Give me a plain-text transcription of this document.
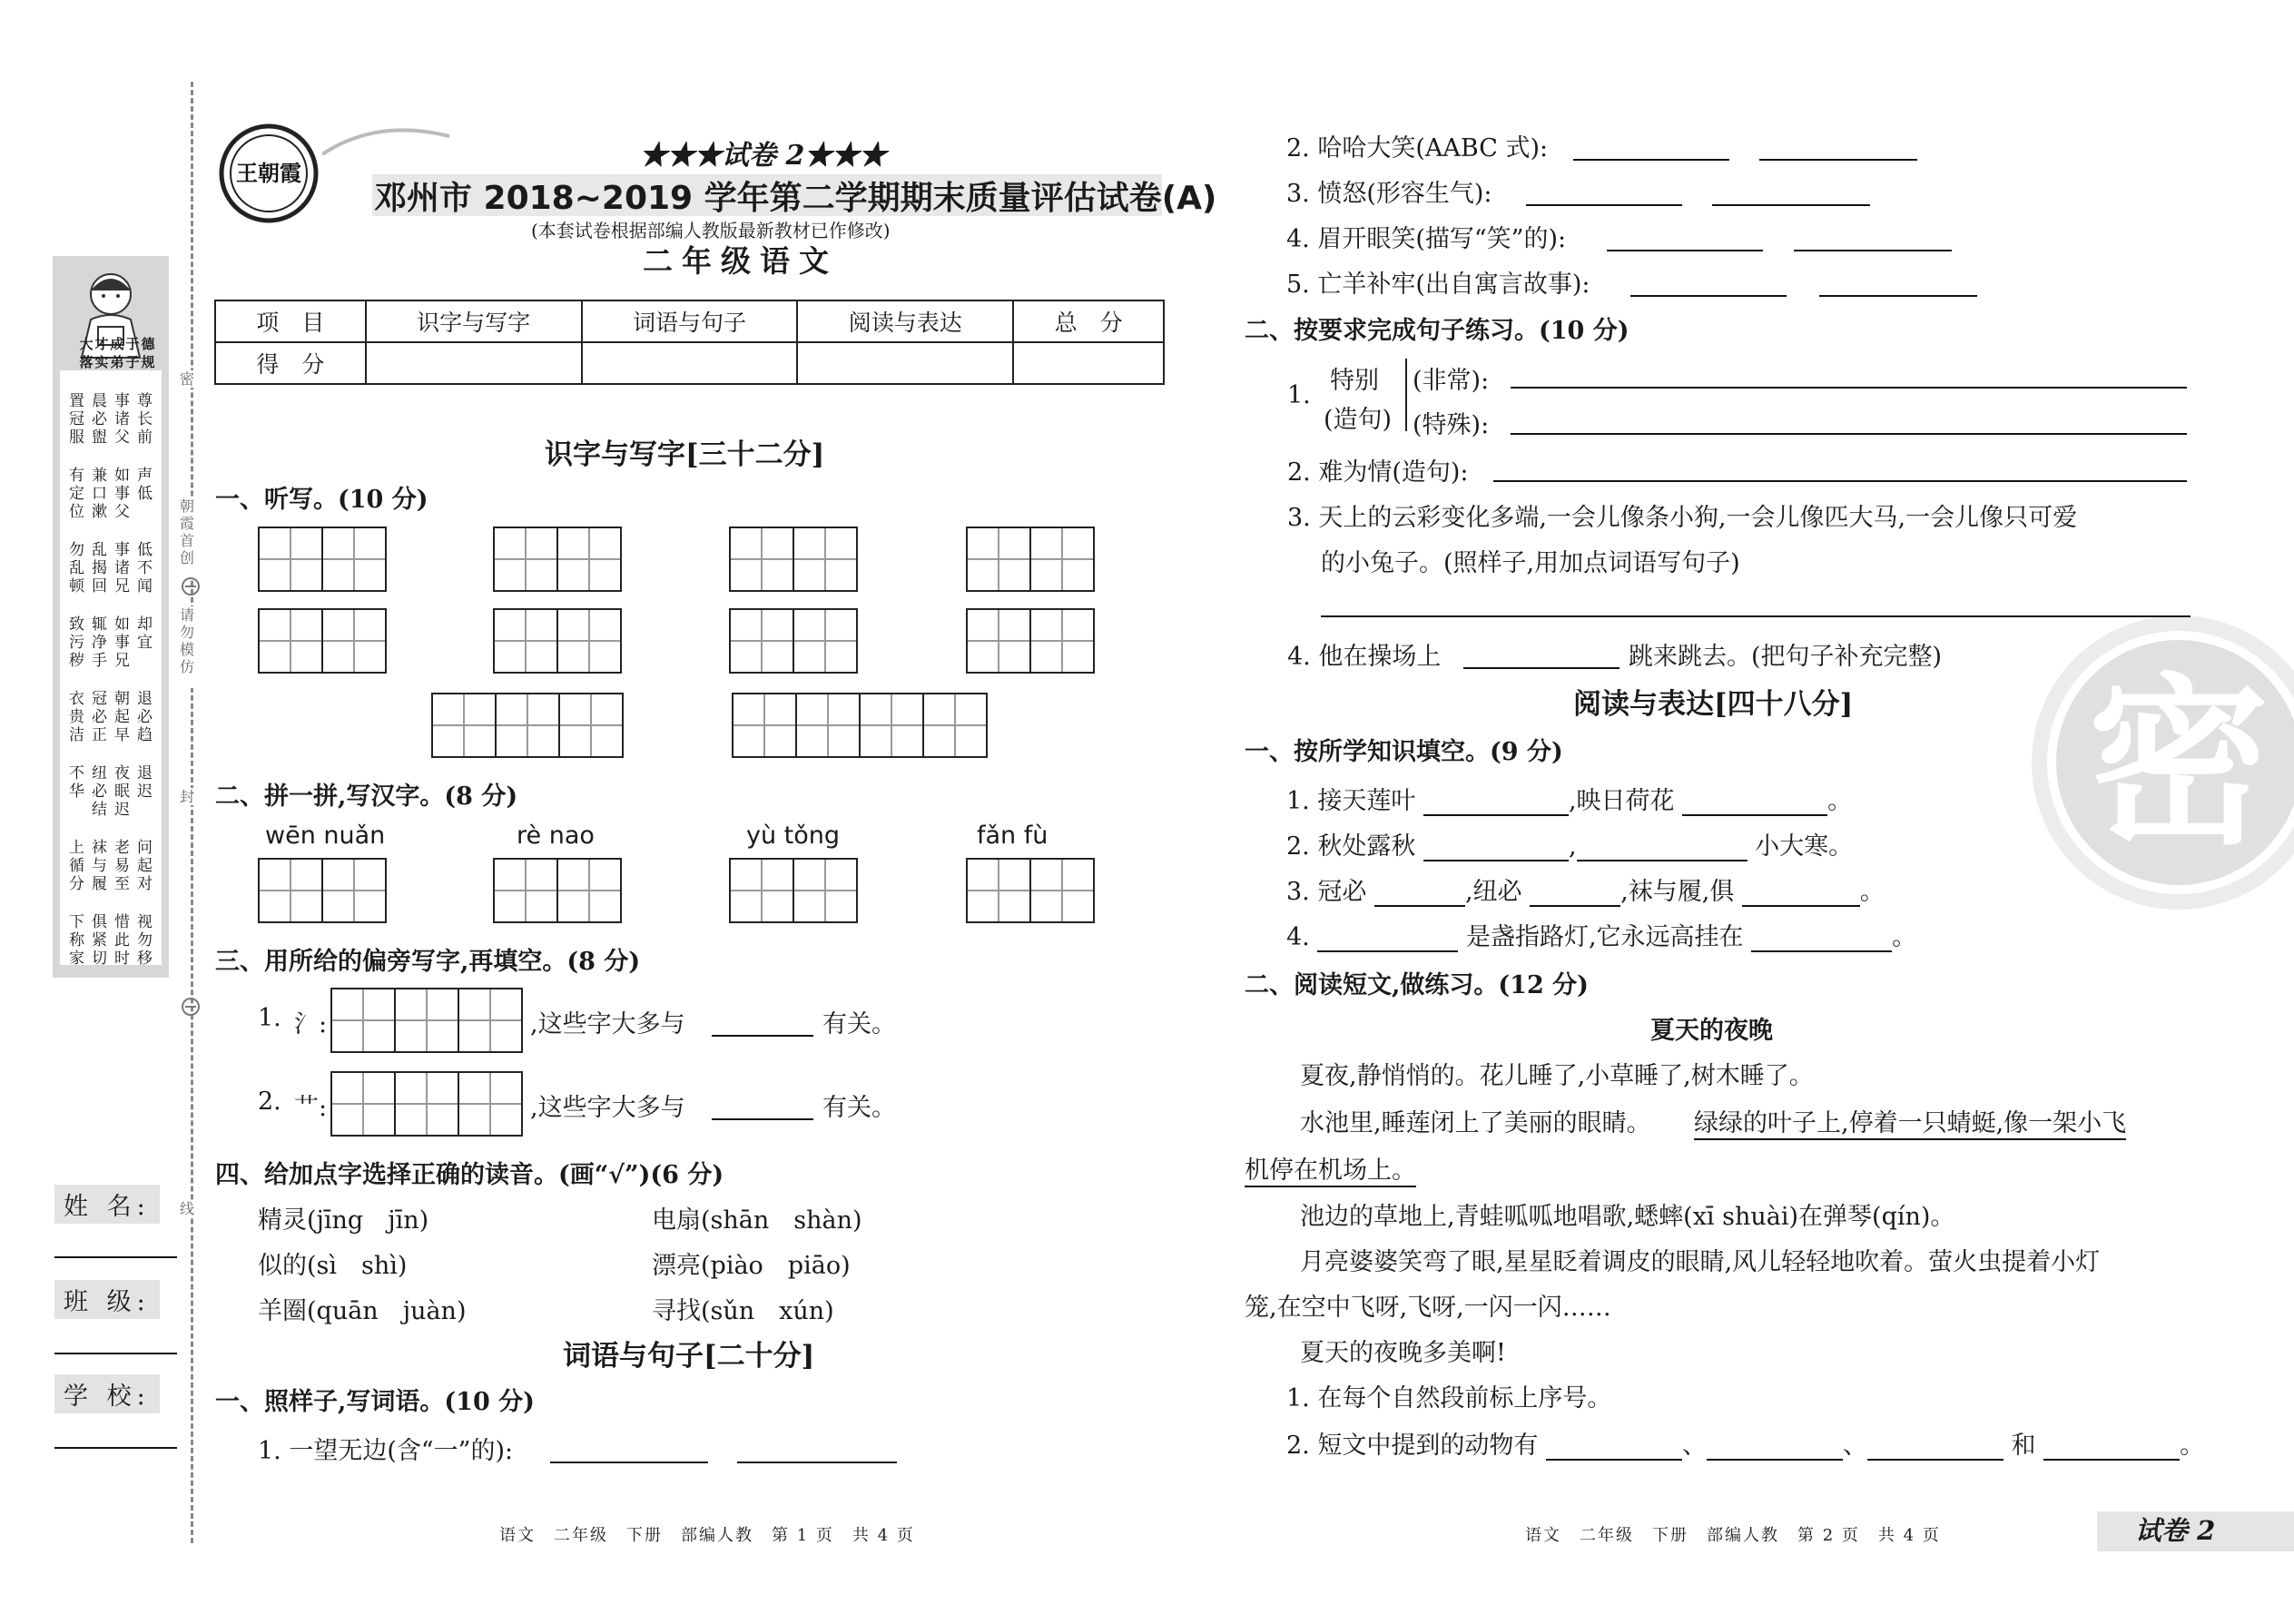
大才成于德
落实弟子规
置 晨 事 尊
冠 必 诸 长
服 盥 父 前
有 兼 如 声
定 口 事 低
位 漱 父
勿 乱 事 低
乱 揭 诸 不
顿 回 兄 闻
致 辄 如 却
污 净 事 宜
秽 手 兄
衣 冠 朝 退
贵 必 起 必
洁 正 早 趋
不 纽 夜 退
华 必 眠 迟
结 迟
上 袜 老 问
循 与 易 起
分 履 至 对
下 俱 惜 视
称 紧 此 勿
家 切 时 移
密
朝霞首创
请勿模仿
封
线
姓 名:
班 级:
学 校:
王朝霞
★★★试卷 2★★★
邓州市 2018~2019 学年第二学期期末质量评估试卷(A)
(本套试卷根据部编人教版最新教材已作修改)
二年级语文
项　目	识字与写字	词语与句子	阅读与表达	总　分
得　分				
识字与写字[三十二分]
一、听写。(10 分)
二、拼一拼,写汉字。(8 分)
wēn nuǎn	rè nao	yù tǒng	fǎn fù
三、用所给的偏旁写字,再填空。(8 分)
1. 氵:	,这些字大多与	有关。
2. 艹:	,这些字大多与	有关。
四、给加点字选择正确的读音。(画“√”)(6 分)
精灵(jīng　jīn)	电扇(shān　shàn)
似的(sì　shì)	漂亮(piào　piāo)
羊圈(quān　juàn)	寻找(sǔn　xún)
词语与句子[二十分]
一、照样子,写词语。(10 分)
1. 一望无边(含“一”的):
语文　二年级　下册　部编人教　第 1 页　共 4 页
密
2. 哈哈大笑(AABC 式):
3. 愤怒(形容生气):
4. 眉开眼笑(描写“笑”的):
5. 亡羊补牢(出自寓言故事):
二、按要求完成句子练习。(10 分)
1.
特别
(造句)
(非常):
(特殊):
2. 难为情(造句):
3. 天上的云彩变化多端,一会儿像条小狗,一会儿像匹大马,一会儿像只可爱
的小兔子。(照样子,用加点词语写句子)
4. 他在操场上	跳来跳去。(把句子补充完整)
阅读与表达[四十八分]
一、按所学知识填空。(9 分)
1. 接天莲叶	,映日荷花	。
2. 秋处露秋	,	小大寒。
3. 冠必	,纽必	,袜与履,俱	。
4.	是盏指路灯,它永远高挂在	。
二、阅读短文,做练习。(12 分)
夏天的夜晚
夏夜,静悄悄的。花儿睡了,小草睡了,树木睡了。
水池里,睡莲闭上了美丽的眼睛。 绿绿的叶子上,停着一只蜻蜓,像一架小飞
机停在机场上。
池边的草地上,青蛙呱呱地唱歌,蟋蟀(xī shuài)在弹琴(qín)。
月亮婆婆笑弯了眼,星星眨着调皮的眼睛,风儿轻轻地吹着。萤火虫提着小灯
笼,在空中飞呀,飞呀,一闪一闪……
夏天的夜晚多美啊!
1. 在每个自然段前标上序号。
2. 短文中提到的动物有	、	、	和	。
语文　二年级　下册　部编人教　第 2 页　共 4 页	试卷 2
